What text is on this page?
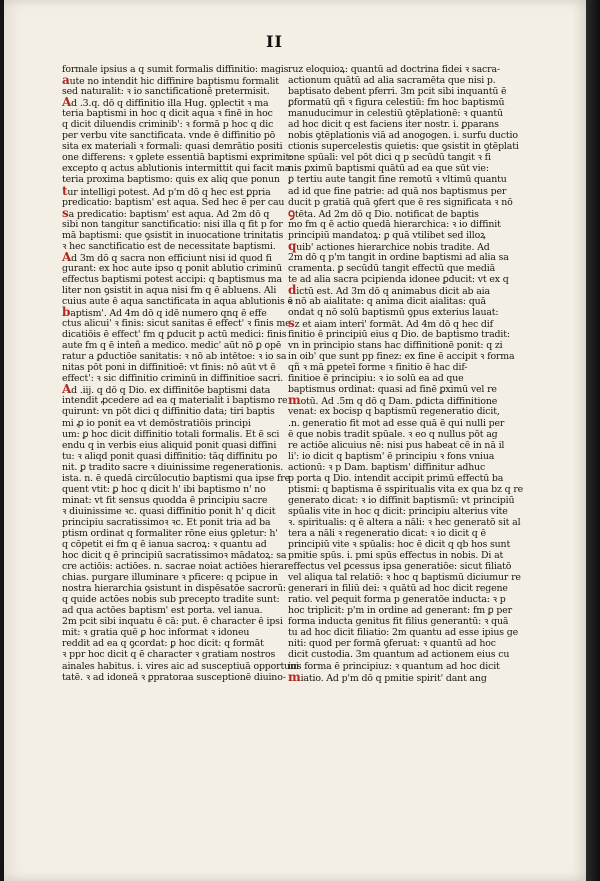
II
formale ipsius a q sumit formalis diffinitio: magis
aute no intendit hic diffinire baptismu formalit
sed naturalit: ꝛ io sanctificationē pretermisit.
Ad .3.q. dō q diffinitio illa Hug. ꝯplectit ꝛ ma
teria baptismi in hoc q dicit aqua ꝛ finē in hoc
q dicit diluendis criminib': ꝛ formā p hoc q dic
per verbu vite sanctificata. vnde ē diffinitio pō
sita ex materiali ꝛ formali: quasi demrātio positi
one differens: ꝛ ꝯplete essentiā baptismi exprimit:
excepto q actus ablutionis intermittit qui facit ma
teria proxima baptismo: quis ex aliq que ponun
tur intelligi potest. Ad p'm dō q hec est ꝑpria
predicatio: baptism' est aqua. Sed hec ē per cau
sa predicatio: baptism' est aqua. Ad 2m dō q
sibi non tangitur sanctificatio: nisi illa q fit p for
mā baptismi: que ꝯsistit in inuocatione trinitatis
ꝛ hec sanctificatio est de necessitate baptismi.
Ad 3m dō q sacra non efficiunt nisi id quod fi
gurant: ex hoc aute ipso q ponit ablutio criminū
effectus baptismi potest accipi: q baptismus ma
liter non ꝯsistit in aqua nisi fm q ē abluens. Ali
cuius aute ē aqua sanctificata in aqua ablutionis ē
baptism'. Ad 4m dō q idē numero qnq ē effe
ctus alicui' ꝛ finis: sicut sanitas ē effect' ꝛ finis me
dicatiōis ē effect' fm q ꝑducit p actū medici: finis
aute fm q ē inteñ a medico. medic' aūt nō ꝑ opē
ratur a ꝑductiōe sanitatis: ꝛ nō ab intētoe: ꝛ io sa
nitas pōt poni in diffinitioē: vt finis: nō aūt vt ē
effect': ꝛ sic diffinitio criminū in diffinitioe sacri.
Ad .iij. q dō q Dio. ex diffinitōe baptismi data
intendit ꝓcedere ad ea q materialit i baptismo re
quirunt: vn pōt dici q diffinitio data; tiri baptis
mi ꝓ io ponit ea vt demōstratiōis principi
um: ꝑ hoc dicit diffinitio totali formalis. Et ē sci
endu q in verbis eius aliquid ponit quasi diffini
tu: ꝛ aliqd ponit quasi diffinitio: tāq diffinitu po
nit. ꝑ tradito sacre ꝛ diuinissime regenerationis.
ista. n. ē quedā circūlocutio baptismi qua ipse fre
quent vtit: ꝑ hoc q dicit h' ibi baptismo n' no
minat: vt fit sensus quodda ē principiu sacre
ꝛ diuinissime ꝛc. quasi diffinitio ponit h' q dicit
principiu sacratissimoꝛ ꝛc. Et ponit tria ad ba
ptism ordinat q formaliter rōne eius ꝯpletur: h'
q cōpetit ei fm q ē ianua sacroꝝ: ꝛ quantu ad
hoc dicit q ē principiū sacratissimoꝛ mādatoꝝ: sa
cre actiōis: actiōes. n. sacrae noiat actiōes hierar
chias. purgare illuminare ꝛ pficere: q pcipue in
nostra hierarchia ꝯsistunt in dispēsatōe sacrorū:
q quide actōes nobis sub precepto tradite sunt:
ad qua actōes baptism' est porta. vel ianua.
2m pcit sibi inquatu ē cā: put. ē character ē ipsi
mit: ꝛ gratia quē ꝑ hoc informat ꝛ idoneu
reddit ad ea q ꝯcordat: ꝑ hoc dicit: q formāt
ꝛ ppr hoc dicit q ē character ꝛ gratiam nostros
ainales habitus. i. vires aic ad susceptiuā opportuni
tatē. ꝛ ad idoneā ꝛ ꝑpratoraa susceptionē diuino-
ruz eloquioꝝ: quantū ad doctrina fidei ꝛ sacra-
actionum quātū ad alia sacramēta que nisi p.
baptisato debent pferri. 3m pcit sibi inquantū ē
ꝑformatū qñ ꝛ figura celestiū: fm hoc baptismū
manuducimur in celestiū ꝯtēplationē: ꝛ quantū
ad hoc dicit q est faciens iter nostr. i. ꝑparans
nobis ꝯtēplationis viā ad anogogen. i. surfu ductio
ctionis supercelestis quietis: que ꝯsistit in ꝯtēplati
one spūali: vel pōt dici q p secūdū tangit ꝛ fi
nis ꝑximū baptismi quātū ad ea que sūt vie:
ꝑ tertiu aute tangit fine remotū ꝛ vltimū quantu
ad id que fine patrie: ad quā nos baptismus per
ducit p gratiā quā ꝯfert que ē res significata ꝛ nō
ꝯtēta. Ad 2m dō q Dio. notificat de baptis
mo fm q ē actio quedā hierarchica: ꝛ io diffinit
principiū mandatoꝝ: ꝑ quā vtilibet sed illoꝝ
quib' actiones hierarchice nobis tradite. Ad
2m dō q p'm tangit in ordine baptismi ad alia sa
cramenta. ꝑ secūdū tangit effectū que mediā
te ad alia sacra pcipienda idonee ꝑducit: vt ex q
dictū est. Ad 3m dō q animabus dicit ab aia
ꝛ nō ab aialitate: q anima dicit aialitas: quā
ondat q nō solū baptismū ꝯpus exterius lauat:
sz et aiam interi' formāt. Ad 4m dō q hec dif
finitio ē principiū eius q Dio. de baptismo tradit:
vn in principio stans hac diffinitionē ponit: q zi
in oib' que sunt pp finez: ex fine ē accipit ꝛ forma
qñ ꝛ mā ꝑpeteī forme ꝛ finitio ē hac dif-
finitioe ē principiu: ꝛ io solū ea ad que
baptismus ordinat: quasi ad finē ꝑximū vel re
motū. Ad .5m q dō q Dam. ꝑdicta diffinitione
venat: ex bocisp q baptismū regeneratio dicit,
.n. generatio fit mot ad esse quā ē qui nulli per
ē que nobis tradit spūale. ꝛ eo q nullus pōt ag
re actiōe alicuius nē: nisi pus habeat cē in nā il
li': io dicit q baptism' ē principiu ꝛ fons vniua
actionū: ꝛ p Dam. baptism' diffinitur adhuc
p porta q Dio. intendit accipit primū effectū ba
ptismi: q baptisma ē sspiritualis vita ex qua bz q re
generato dicat: ꝛ io diffinit baptismū: vt principiū
spūalis vite in hoc q dicit: principiu alterius vite
ꝛ. spiritualis: q ē altera a nāli: ꝛ hec generatō sit al
tera a nāli ꝛ regeneratio dicat: ꝛ io dicit q ē
principiū vite ꝛ spūalis: hoc ē dicit q qb hos sunt
pmitie spūs. i. pmi spūs effectus in nobis. Di at
effectus vel ꝑcessus ipsa generatiōe: sicut filiatō
vel aliqua tal relatiō: ꝛ hoc q baptismū diciumur re
generari in filiū dei: ꝛ quātū ad hoc dicit regene
ratio. vel ꝑequit forma p generatōe inducta: ꝛ p
hoc triplicit: p'm in ordine ad generant: fm ꝑ per
forma inducta genitus fit filius generantū: ꝛ quā
tu ad hoc dicit filiatio: 2m quantu ad esse ipius ge
niti: quod per formā ꝯferuat: ꝛ quantū ad hoc
dicit custodia. 3m quantum ad actionem eius cu
ius forma ē principiuz: ꝛ quantum ad hoc dicit
miatio. Ad p'm dō q pmitie spirit' dant ang
